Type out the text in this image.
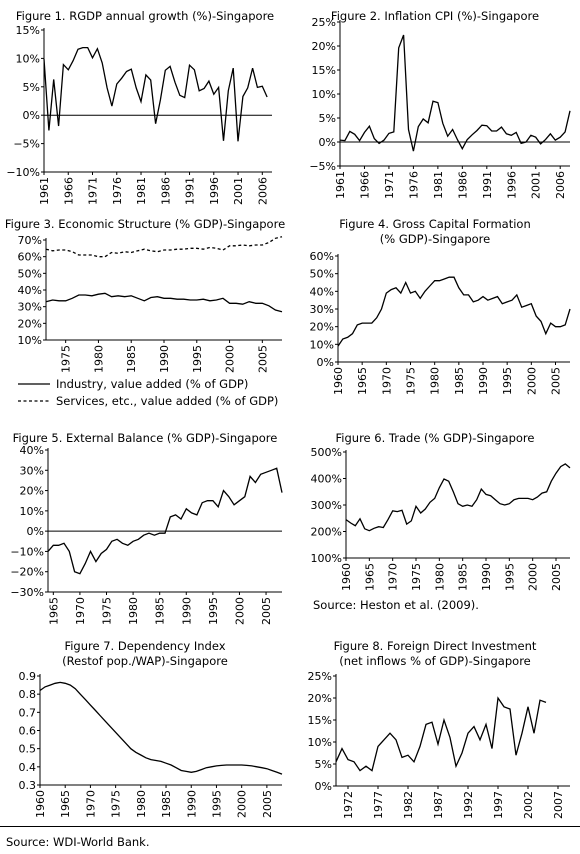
Figure 1. RGDP annual growth (%)-Singapore
−10%
−5%
0%
5%
10%
15%
1961 1966 1971 1976 1981 1986 1991 1996 2001 2006
Figure 2. Inflation CPI (%)-Singapore
−5%
0%
5%
10%
15%
20%
25%
1961 1966 1971 1976 1981 1986 1991 1996 2001 2006
Figure 3. Economic Structure (% GDP)-Singapore
10%
20%
30%
40%
50%
60%
70%
1975 1980 1985 1990 1995 2000 2005
Industry, value added (% of GDP)
Services, etc., value added (% of GDP)
Figure 4. Gross Capital Formation
(% GDP)-Singapore
0%
10%
20%
30%
40%
50%
60%
1960 1965 1970 1975 1980 1985 1990 1995 2000 2005
Figure 5. External Balance (% GDP)-Singapore
−30%
−20%
−10%
0%
10%
20%
30%
40%
1965 1970 1975 1980 1985 1990 1995 2000 2005
Figure 6. Trade (% GDP)-Singapore
100%
200%
300%
400%
500%
1960 1965 1970 1975 1980 1985 1990 1995 2000 2005
Figure 7. Dependency Index
(Restof pop./WAP)-Singapore
0.3
0.4
0.5
0.6
0.7
0.8
0.9
1960 1965 1970 1975 1980 1985 1990 1995 2000 2005
Figure 8. Foreign Direct Investment
(net inflows % of GDP)-Singapore
0%
5%
10%
15%
20%
25%
1972 1977 1982 1987 1992 1997 2002 2007
Source: Heston et al. (2009).
Source: WDI-World Bank.
